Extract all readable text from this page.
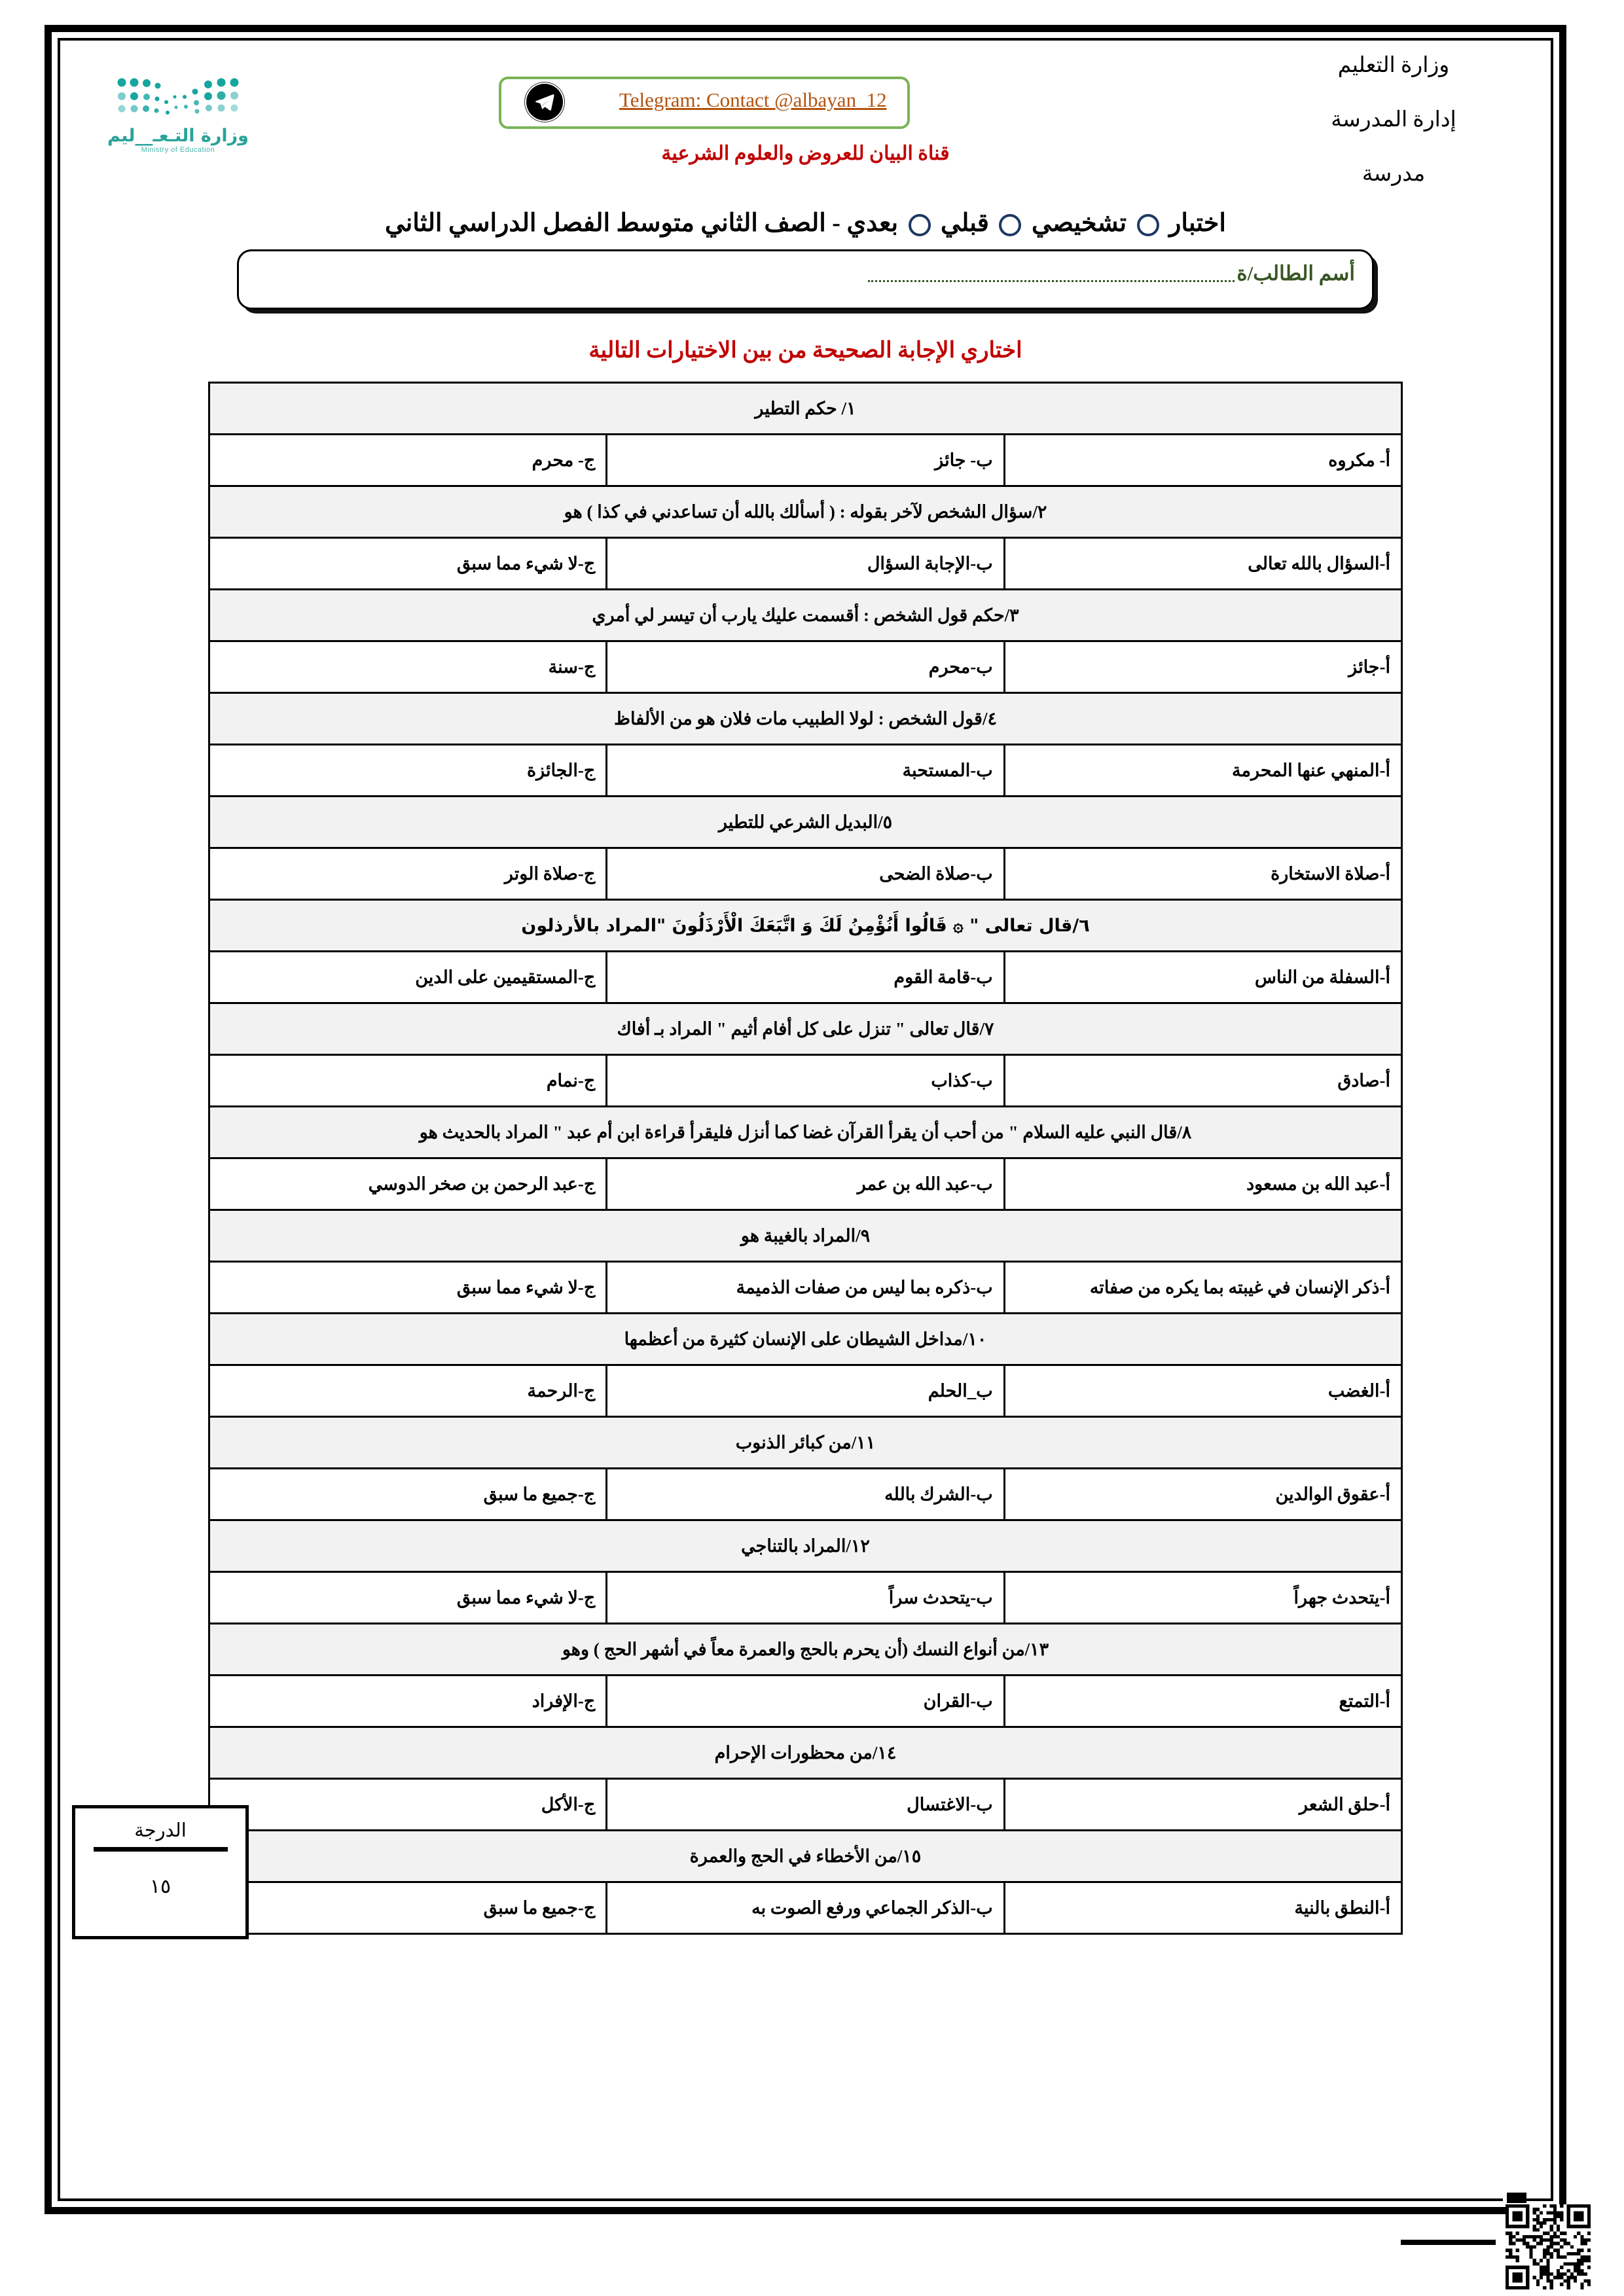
وزارة التعليم
إدارة المدرسة
مدرسة
وزارة التـعـ__ليم
Ministry of Education
Telegram: Contact @albayan_12
قناة البيان للعروض والعلوم الشرعية
اختبار  تشخيصي  قبلي  بعدي - الصف الثاني متوسط الفصل الدراسي الثاني
أسم الطالب/ة
اختاري الإجابة الصحيحة من بين الاختيارات التالية
١/ حكم التطير		
أ- مكروه	ب- جائز	ج- محرم
٢/سؤال الشخص لآخر بقوله : ( أسألك بالله أن تساعدني في كذا ) هو		
أ-السؤال بالله تعالى	ب-الإجابة السؤال	ج-لا شيء مما سبق
٣/حكم قول الشخص : أقسمت عليك يارب أن تيسر لي أمري		
أ-جائز	ب-محرم	ج-سنة
٤/قول الشخص : لولا الطبيب مات فلان هو من الألفاظ		
أ-المنهي عنها المحرمة	ب-المستحبة	ج-الجائزة
٥/البديل الشرعي للتطير		
أ-صلاة الاستخارة	ب-صلاة الضحى	ج-صلاة الوتر
٦/قال تعالى " ۞ قَالُوا أَنُؤْمِنُ لَكَ وَ اتَّبَعَكَ الْأَرْذَلُونَ "المراد بالأرذلون		
أ-السفلة من الناس	ب-قامة القوم	ج-المستقيمين على الدين
٧/قال تعالى " تنزل على كل أفام أثيم " المراد بـ أفاك		
أ-صادق	ب-كذاب	ج-نمام
٨/قال النبي عليه السلام " من أحب أن يقرأ القرآن غضا كما أنزل فليقرأ قراءة ابن أم عبد " المراد بالحديث هو		
أ-عبد الله بن مسعود	ب-عبد الله بن عمر	ج-عبد الرحمن بن صخر الدوسي
٩/المراد بالغيبة هو		
أ-ذكر الإنسان في غيبته بما يكره من صفاته	ب-ذكره بما ليس من صفات الذميمة	ج-لا شيء مما سبق
١٠/مداخل الشيطان على الإنسان كثيرة من أعظمها		
أ-الغضب	ب_الحلم	ج-الرحمة
١١/من كبائر الذنوب		
أ-عقوق الوالدين	ب-الشرك بالله	ج-جميع ما سبق
١٢/المراد بالتناجي		
أ-يتحدث جهراً	ب-يتحدث سراً	ج-لا شيء مما سبق
١٣/من أنواع النسك (أن يحرم بالحج والعمرة معاً في أشهر الحج ) وهو		
أ-التمتع	ب-القران	ج-الإفراد
١٤/من محظورات الإحرام		
أ-حلق الشعر	ب-الاغتسال	ج-الأكل
١٥/من الأخطاء في الحج والعمرة		
أ-النطق بالنية	ب-الذكر الجماعي ورفع الصوت به	ج-جميع ما سبق
الدرجة
١٥
